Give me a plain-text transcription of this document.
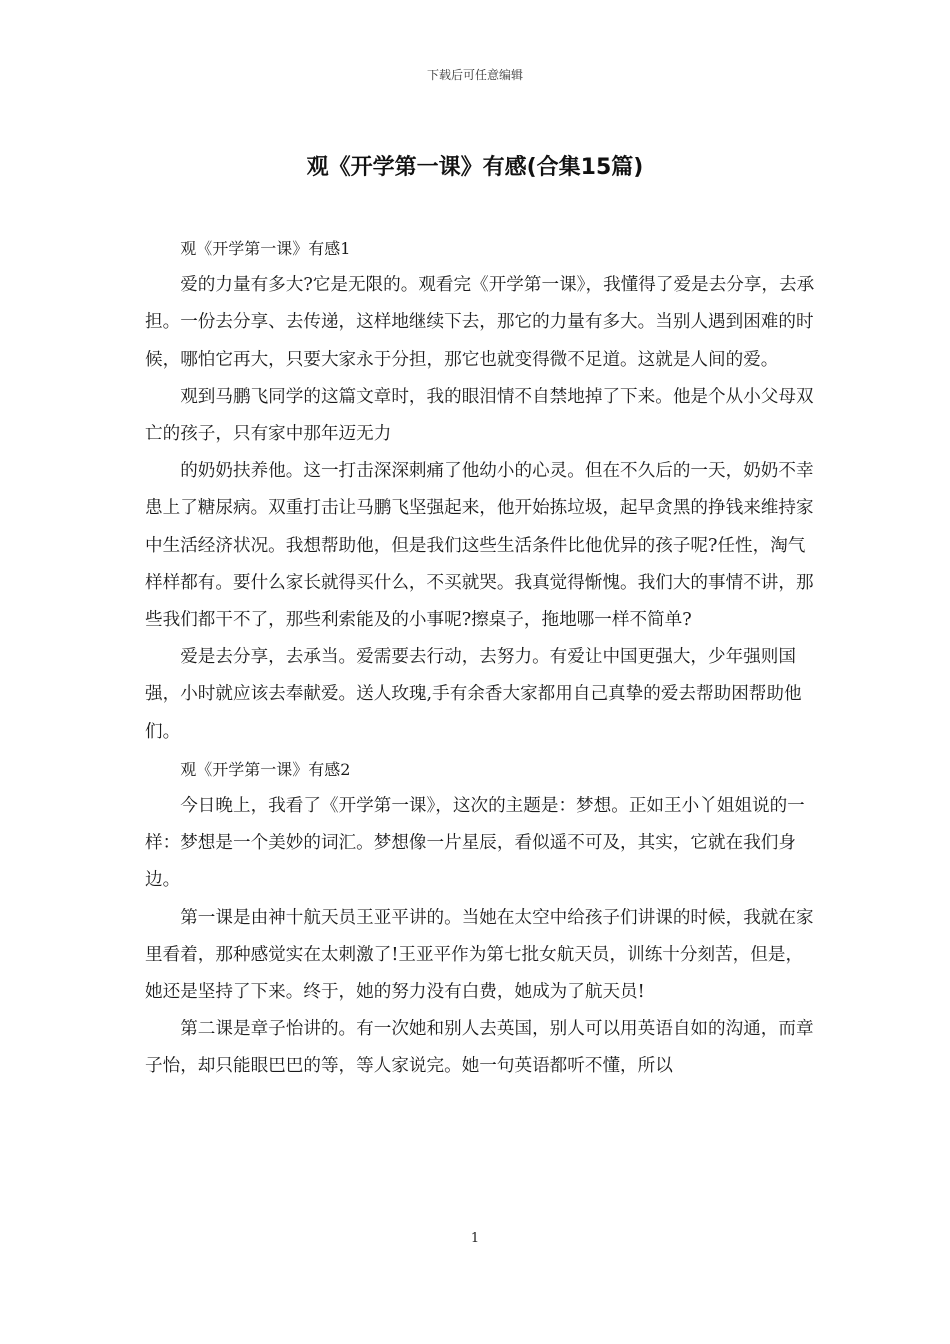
下载后可任意编辑
观《开学第一课》有感(合集15篇)

观《开学第一课》有感1

爱的力量有多大?它是无限的。观看完《开学第一课》，我懂得了爱是去分享，去承担。一份去分享、去传递，这样地继续下去，那它的力量有多大。当别人遇到困难的时候，哪怕它再大，只要大家永于分担，那它也就变得微不足道。这就是人间的爱。

观到马鹏飞同学的这篇文章时，我的眼泪情不自禁地掉了下来。他是个从小父母双亡的孩子，只有家中那年迈无力

的奶奶扶养他。这一打击深深刺痛了他幼小的心灵。但在不久后的一天，奶奶不幸患上了糖尿病。双重打击让马鹏飞坚强起来，他开始拣垃圾，起早贪黑的挣钱来维持家中生活经济状况。我想帮助他，但是我们这些生活条件比他优异的孩子呢?任性，淘气样样都有。要什么家长就得买什么，不买就哭。我真觉得惭愧。我们大的事情不讲，那些我们都干不了，那些利索能及的小事呢?擦桌子，拖地哪一样不简单?

爱是去分享，去承当。爱需要去行动，去努力。有爱让中国更强大，少年强则国强，小时就应该去奉献爱。送人玫瑰,手有余香大家都用自己真挚的爱去帮助困帮助他们。

观《开学第一课》有感2

今日晚上，我看了《开学第一课》，这次的主题是：梦想。正如王小丫姐姐说的一样：梦想是一个美妙的词汇。梦想像一片星辰，看似遥不可及，其实，它就在我们身边。

第一课是由神十航天员王亚平讲的。当她在太空中给孩子们讲课的时候，我就在家里看着，那种感觉实在太刺激了!王亚平作为第七批女航天员，训练十分刻苦，但是，她还是坚持了下来。终于，她的努力没有白费，她成为了航天员!

第二课是章子怡讲的。有一次她和别人去英国，别人可以用英语自如的沟通，而章子怡，却只能眼巴巴的等，等人家说完。她一句英语都听不懂，所以

1
